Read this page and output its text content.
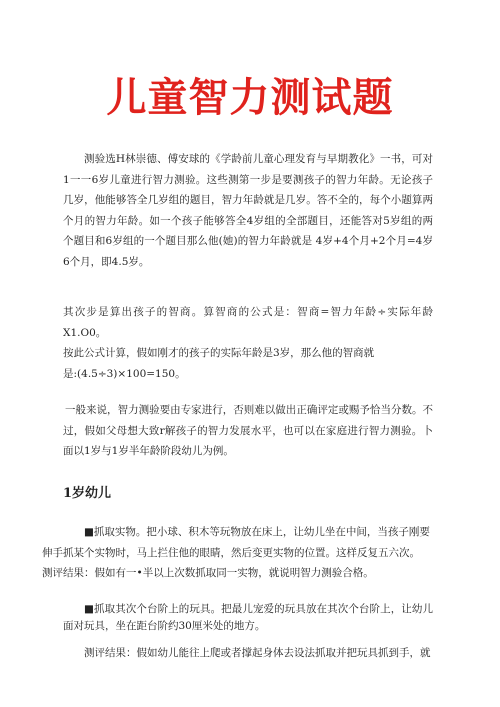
儿童智力测试题
测验选H林崇德、傅安球的《学龄前儿童心理发育与早期教化》一书，可对1一一6岁儿童进行智力测验。这些测第一步是要测孩子的智力年龄。无论孩子几岁，他能够答全几岁组的题目，智力年龄就是几岁。答不全的，每个小题算两个月的智力年龄。如一个孩子能够答全4岁组的全部题目，还能答对5岁组的两个题目和6岁组的一个题目那么他(她)的智力年龄就是 4岁+4个月+2个月=4岁6个月，即4.5岁。

其次步是算出孩子的智商。算智商的公式是：智商=智力年龄÷实际年龄X1.O0。

按此公式计算，假如刚才的孩子的实际年龄是3岁，那么他的智商就

是:(4.5÷3)×100=150。

一般来说，智力测验要由专家进行，否则难以做出正确评定或赐予恰当分数。不过，假如父母想大致r解孩子的智力发展水平，也可以在家庭进行智力测验。卜面以1岁与1岁半年龄阶段幼儿为例。
1岁幼儿

■抓取实物。把小球、积木等玩物放在床上，让幼儿坐在中间，当孩子刚要

伸手抓某个实物时，马上拦住他的眼睛，然后变更实物的位置。这样反复五六次。

测评结果：假如有一•半以上次数抓取同一实物，就说明智力测验合格。

■抓取其次个台阶上的玩具。把最儿宠爱的玩具放在其次个台阶上，让幼儿面对玩具，坐在距台阶约30厘米处的地方。
测评结果：假如幼儿能往上爬或者撑起身体去设法抓取并把玩具抓到手，就
